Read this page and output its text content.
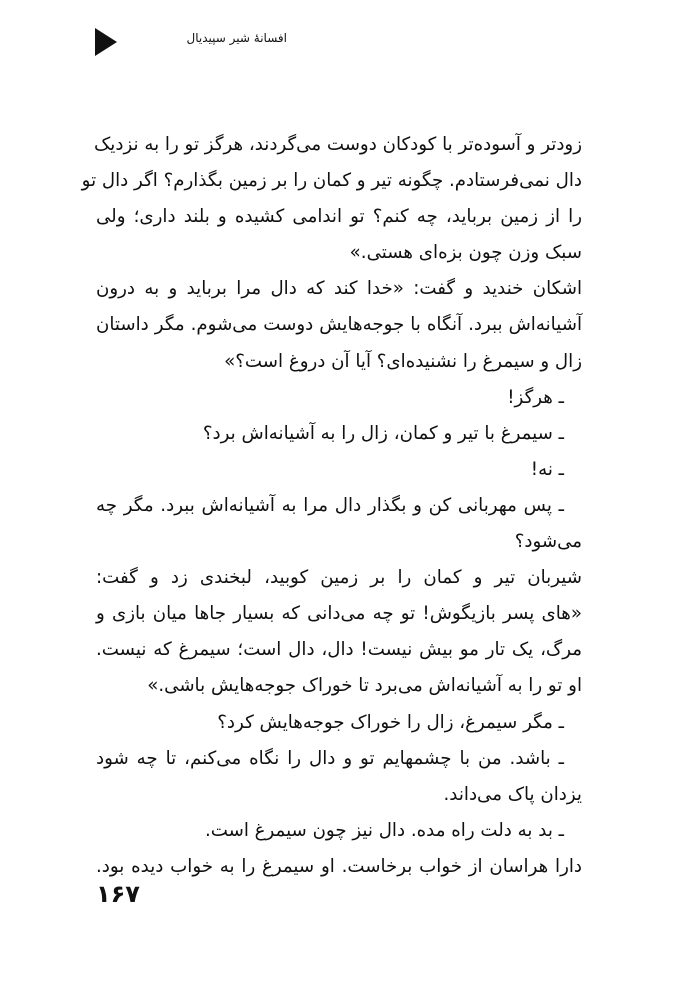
افسانهٔ شیر سپیدیال
زودتر و آسوده‌تر با کودکان دوست می‌گردند، هرگز تو را به نزدیک
دال نمی‌فرستادم. چگونه تیر و کمان را بر زمین بگذارم؟ اگر دال تو
را از زمین برباید، چه کنم؟ تو اندامی کشیده و بلند داری؛ ولی
سبک وزن چون بزه‌ای هستی.»
اشکان خندید و گفت: «خدا کند که دال مرا برباید و به درون
آشیانه‌اش ببرد. آنگاه با جوجه‌هایش دوست می‌شوم. مگر داستان
زال و سیمرغ را نشنیده‌ای؟ آیا آن دروغ است؟»
ـ هرگز!
ـ سیمرغ با تیر و کمان، زال را به آشیانه‌اش برد؟
ـ نه!
ـ پس مهربانی کن و بگذار دال مرا به آشیانه‌اش ببرد. مگر چه
می‌شود؟
شیربان تیر و کمان را بر زمین کوبید، لبخندی زد و گفت:
«های پسر بازیگوش! تو چه می‌دانی که بسیار جاها میان بازی و
مرگ، یک تار مو بیش نیست! دال، دال است؛ سیمرغ که نیست.
او تو را به آشیانه‌اش می‌برد تا خوراک جوجه‌هایش باشی.»
ـ مگر سیمرغ، زال را خوراک جوجه‌هایش کرد؟
ـ باشد. من با چشمهایم تو و دال را نگاه می‌کنم، تا چه شود
یزدان پاک می‌داند.
ـ بد به دلت راه مده. دال نیز چون سیمرغ است.
دارا هراسان از خواب برخاست. او سیمرغ را به خواب دیده بود.
۱۶۷
